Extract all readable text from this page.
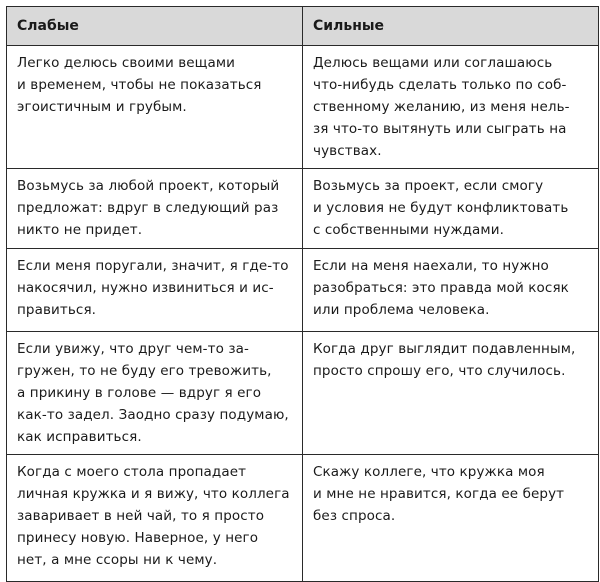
Слабые	Сильные

Легко делюсь своими вещами
и временем, чтобы не показаться
эгоистичным и грубым.	Делюсь вещами или соглашаюсь
что-нибудь сделать только по соб-
ственному желанию, из меня нель-
зя что-то вытянуть или сыграть на
чувствах.

Возьмусь за любой проект, который
предложат: вдруг в следующий раз
никто не придет.	Возьмусь за проект, если смогу
и условия не будут конфликтовать
с собственными нуждами.

Если меня поругали, значит, я где-то
накосячил, нужно извиниться и ис-
правиться.	Если на меня наехали, то нужно
разобраться: это правда мой косяк
или проблема человека.

Если увижу, что друг чем-то за-
гружен, то не буду его тревожить,
а прикину в голове — вдруг я его
как-то задел. Заодно сразу подумаю,
как исправиться.	Когда друг выглядит подавленным,
просто спрошу его, что случилось.

Когда с моего стола пропадает
личная кружка и я вижу, что коллега
заваривает в ней чай, то я просто
принесу новую. Наверное, у него
нет, а мне ссоры ни к чему.	Скажу коллеге, что кружка моя
и мне не нравится, когда ее берут
без спроса.
